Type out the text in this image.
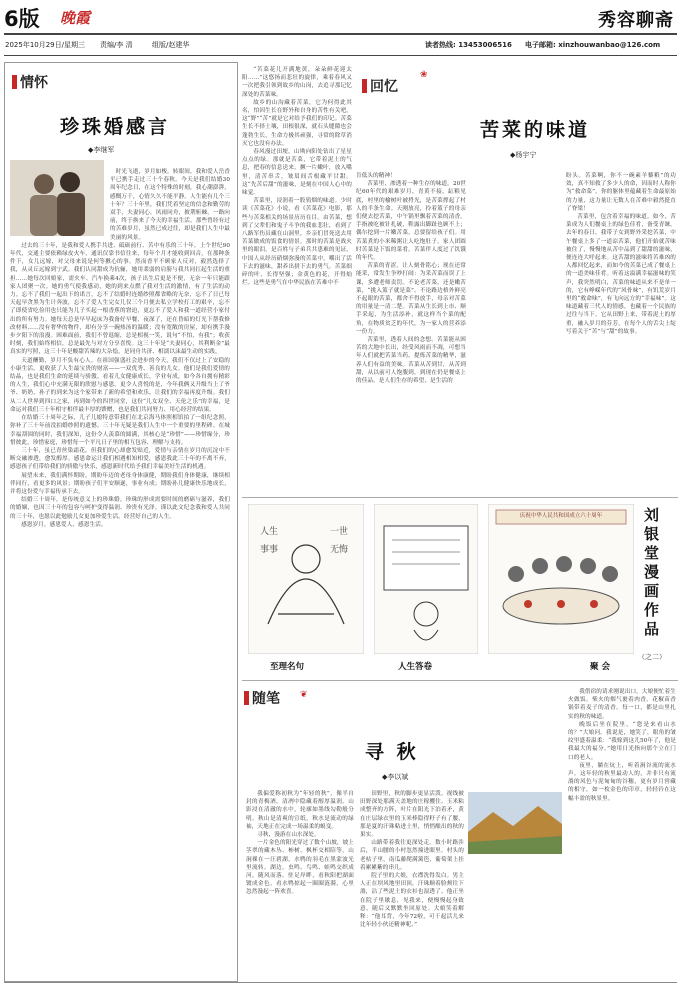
6版 晚霞	秀容聊斋
2025年10月29日/星期三 责编/李 清	组版/赵建华	读者热线: 13453006516 电子邮箱: xinzhouwanbao@126.com
情怀
珍珠婚感言
◆李继军

时光飞逝，岁月如梭。转眼间，我和爱人岳香平已携手走过三十个春秋。今天是我们结婚30周年纪念日，在这个特殊的时刻，我心潮澎湃，感慨万千，心情久久不能平静。人生能有几个三十年？三十年里，我们凭着坚定的信念和勤劳的双手，夫妻同心，风雨同舟，披荆斩棘，一路向前，终于换来了今天的幸福生活。那些曾经有过的苦难岁月，虽然已成过往，却是我们人生中最美丽的风景。

过去的三十年，是我和爱人携手共进、砥砺前行、苦中有乐的三十年。上个世纪90年代，交通主要依赖绿皮火车，通讯仅靠书信往来，每年个月才能收到回音，在那种条件下，女儿远嫁，对父母来说是何等揪心的事。然而香平不顾家人反对，毅然选择了我，从灵丘远嫁到宁武。我们认同甜成为伉俪，她用柔弱的肩膀与我共同扛起生活的重担……她每次回娘家，需火车、汽车换乘4次，孩子出生后更是不便，无奈一年只能跟家人团聚一次。她的勇气使我感动，她的到来点燃了我对生活的激情，有了生活的动力。忘不了我们一起出下的诺言，忘不了结婚时连婚纱照都省略的无奈，忘不了日已每天起早贪黑为生计奔波，忘不了爱人生完女儿仅三个月便去私立学校打工的艰辛，忘不了即使省吃俭用也只能为儿子买起一根香蕉的窘迫，更忘不了爱人和我一道经营小家付出的所有努力。她每天总是早早起床为我备好早餐，夜深了，还在昏暗的灯光下帮我修改材料……没有奢华的物件，却有分享一碗热汤的温暖；没有宽敞的房屋，却有携手漫步夕阳下的浪漫。困难面前，我们不曾退缩，总是相视一笑，说句“不怕，有我”；收获时刻，我们始终相信，总是最先与对方分享喜悦。这三十年是“夫妻同心，其利断金”最真实的写照，这三十年是酸甜苦辣的大杂烩，是同舟共济、相濡以沫最生动的实践。

天道酬勤，岁月不负有心人。在祖国强盛社会进步的今天，我们不仅过上了安稳的小康生活，更收获了人生最宝贵的财富——一双优秀、善良的儿女。他们是我们爱情的结晶，也是我们生命的延续与骄傲。看着儿女健康成长，学业有成，如今各自拥有精彩的人生，我们心中充满无限的欣慰与感恩。更令人喜悦的是，今年我俩又升级当上了爷爷、奶奶，孙子的到来为这个家带来了新的希望和欢乐，让我们的幸福再度升级。我们从二人世界到四口之家，再到如今的四世同堂，这份“儿女双全、天伦之乐”的幸福，是命运对我们三十年相守相伴最丰厚的馈赠，也是我们共同努力、用心经营的结果。

在结婚三十周年之际，儿子儿媳特意带我们在北京海马体照相馆拍了一组纪念照，弥补了三十年前没拍婚纱照的遗憾。三十年无疑是我们人生中一个重要的里程碑。在城幸福刮围的同时，我们深知，这份令人羡慕的圆满，其核心是“珍惜”——珍惜缘分，珍惜彼此，珍惜家庭，珍惜每一个平凡日子里的相互包容、理解与支持。

三十年，虽已青丝染霜花，但我们的心却愈发贴近，爱情与亲情在岁月的沉淀中不断交融渗透，愈发醇厚。感恩命运让我们相遇相知相爱，感恩我此三十年的不离不弃，感恩孩子们带给我们的骄傲与快乐，感恩新时代给予我们幸福美好生活的机遇。

展望未来，我们满怀期盼。期盼年迈的老母身体康健，期盼我们身体健康，继续相伴同行，看更多的风景；期盼孩子们平安顺遂，事业有成；期盼孙儿健康快乐地成长，并将这份爱与幸福传承下去。

结婚三十周年，是传统意义上的珍珠婚。珍珠的形成需要时间的磨砺与滋养，我们的婚姻，也因三十年的包容与呵护变得温润、珍贵有光泽。谨以此文纪念我和爱人共同的三十年，也愿以此勉励儿女更加珍爱生活，经营好自己的人生。

感恩岁月，感恩爱人，感恩生活。

“苦菜花儿开满地黄，朵朵鲜花迎太阳……”这悠扬而悲壮的旋律，乘着春风又一次把我引领到故乡的山岗，去追寻那记忆深处的苦菜味。

故乡的山沟藏着苦菜，它为何得此其名，怕因生长在野外和自身的苦性有关吧。这“野”“苦”就是它对给予我们的印记。苦菜生长不择土壤，田根很深，就石头缝隙也会蓬勃生长，生命力极其顽强，寻常的除草消灭它也没有办法。

春风漫过田埂，山坳向阳处钻出了星星点点的绿。那就是苦菜，它带着泥土的气息，把春的信息送来。撅一片嫩叶，放入嘴里，清苦串舌，皱眉间舌根藏平甘甜。这“先苦后甜”的滋味，是刻在中国人心中的味觉。

苦菜里，浸润着一股鸫烟的味道。少时读《苦菜花》小说，看《苦菜花》电影，那些与苦菜相关的场景历历在目。由苦菜，想到了父辈们和鬼子斗争的我血悲壮，看到了八路军伤员藏在山洞里，乡亲们冒死送去用苦菜做成的饭食的情景。那时的苦菜是战火里的眼泪，是百姓与子弟兵共患难的见证。中国人从经历硝烟弥漫的苦菜中，嚼出了活下去的滋味，甜养出拼下去的勇气。苦菜细碎的叶，长得坚强；金黄色的花，开得灿烂。这些是勇气在中华民族在苦难中不

回忆
❀
苦菜的味道
◆杨宇宁

肯低头的精神！

苦菜里，渗透着一种生存的味道。20世纪60年代的艰难岁月，青黄不接，缸粮见底，村里的榆树叶被捋光，是苦菜撑起了村人的半条生命。天刚放亮，拎着篮子的母亲们便去挖苦菜，中午锅里飘着苦菜的清香。手指被吃被针扎破，鞋露出脚趾也顾不上；偶尔挖到一片嫩苦菜，总要留给孩子们。用苦菜煮的小米稀粥让人吃饱肚子，家人团圆时苦菜是下饭的菜肴。苦菜伴人度过了饥饿的年代。

苦菜的青涩，让人刻骨铭心；现在还常能采，常发生争吵打闹：为采苦菜而误了上课，多遭老师责罚。不论老苦菜，还是嫩苦菜，“挑入篮子就是菜”。不论路边格外鲜亮不起眼的苦菜，都舍不得放手，母亲对苦菜的用量是一清二楚。苦菜从生长到上市、顺手采起，为生活添补，就这样当个菜的配角，在物质贫乏的年代，为一家人的营养添一份力。

苦菜里，透着人间的念想。苦菜能从困苦的大地中长出，经受风雨而不凋，可想当年人们就把苦菜当药，提炼苦菜的精华，滋养人们有益的美味。苦菜从苦到甘，从苦到甜，从以前可人饱腹到，到现在仍是餐桌上的佳品，是人们生存的希望，是生活的

盼头。苦菜啊，你不一碗素羊藜粮”的功效，真不知救了多少人的命，因而时人称你为“救命菜”。你的躯体里蕴藏着生命最原始的力量，这力量让无数人在苦难中毅然挺直了脊梁！

苦菜里，包含着幸福的味道。如今，苦菜成为人们餐桌上的绿色佳肴，备受青睐。去年的春日，我带子女到野外采挖苦菜，中午餐桌上多了一道凉苦菜，他们开始就苦味被住了，慢慢地从苦中品到了甜甜的滋味，便连连大呼起来。这苦甜的滋味将苦难凶的人都回忆起来，而如今的苦菜已成了餐桌上的一道美味佳肴。听着这溢满幸福滋味的笑声，我突然明白，苦菜的味道从来不是单一的，它有峥嵘年代的“风骨味”，有饥荒岁月里的“救命味”，有飞向远方的“幸福味”。这味道藏着三代人的情感，也藏着一个民族的过往与当下。它从田野上来，带着泥土的厚重，融入岁月的芬芳，在每个人的舌尖上绽写着关于“苦”与“甜”的故事。

人生	一世
事事	无悔
至理名句	人生答卷
庆祝中华人民共和国成立六十周年
聚 会
刘银堂漫画作品
（之二）
随笔 ❦
寻 秋
◆李以斌

我偏爱称初秋为“年轻的秋”，像半自封的青梅酒，清冽中隐藏着醇厚温润。山影浸在清澈的水中，轮廓如墨线勾勒般分明。秋山是清爽的宣纸，秋水是流动的绿袖，天地正在完成一场温柔的蜕变。

寻秋，漫游在山水深处。

一片金色的阳光穿过了数个山坡，坡上茎翠的藏木丛、柿树、枫杯交相陪等。山涧裸在一汪碧湖，水鸭的羽毛在黑蒙波光里流转。湖边，虫鸣、鸟鸣、蛙鸣交织成河，随风而落。驻足岸畔，看秋阳把湖面镀成金色，看水鸭掠起一圈圈涟漪，心里忽然漫起一阵欢喜。

田野里，秋的脚步更显活泼。视线被田野深处那满天盖地的庄稼攫住。玉米粘成整齐的方阵，叶片在阳光下泊着矛，黄在庄层绿衣里的玉米棒隐得籽子有了腰，那是夏的汗珠粘进土里，悄悄酿出的秋的果实。

山路带着我往更深处走。数小时路涉后，半山腰的小村忽然撞进眼里。村头的老枯子里，南瓜藤爬满篱笆，葡萄架上挂着累累紫的串儿。

院子里的大娘，衣襟洗得发白。男主人正在坝风地里田顶，汗珠顺着脸颊往下淌，沾了些泥土的衣衫也湿透了。他正坐在院子里歇息，见我来，便慢慢起身致意，随后又默默坐回原处。大娘笑着解释：“他耳背，今年72啦，可干起活儿来比年轻小伙还精神呢。”

我借宿的请求刚说出口，大娘便忙着生火做饭。柴火的烟气裹着肉香。花椒苗香锅带着麦子的清香。每一口，都是山里扎实的秋的味道。

晚饭后坐在院里，“您是来看山水的？”大娘问。我说是，她笑了，眼角的皱纹里盛着温柔：“我嫁到这儿50年了，他是我最大的福分。”她用日光指向那个立在门口的老人。

夜里，躺在炕上，听着涧谷流的流水声。这年轻的秋里最动人的，并非只有流淌的风色与泥甸甸的谷穗，更有岁月窖藏的相守，如一枚金色的印章，轻轻钤在这幅丰盈的秋景里。
